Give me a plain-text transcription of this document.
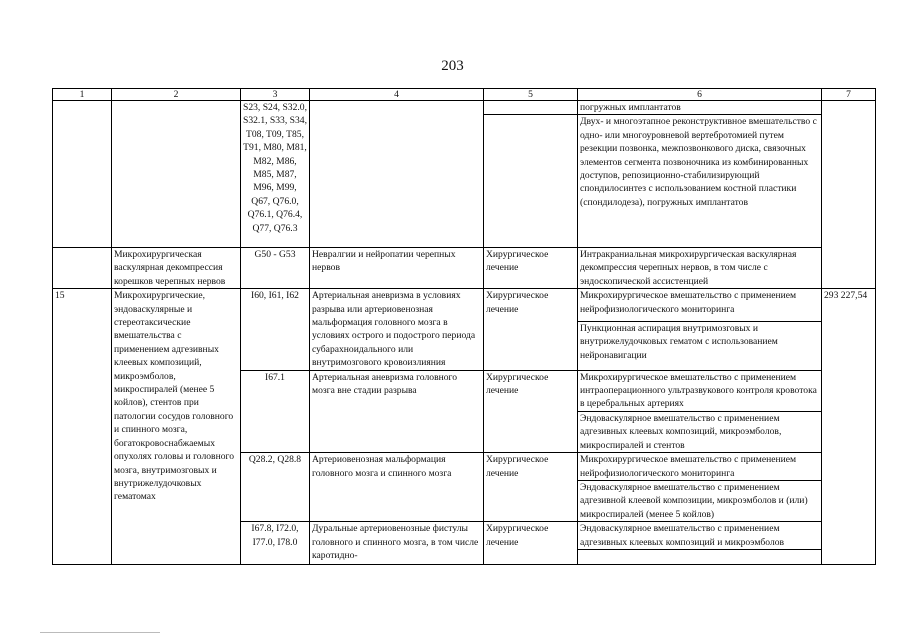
203
1	2	3	4	5	6	7
		S23, S24, S32.0, S32.1, S33, S34, T08, T09, T85, T91, M80, M81, M82, M86, M85, M87, M96, M99, Q67, Q76.0, Q76.1, Q76.4, Q77, Q76.3			погружных имплантатов	
					Двух- и многоэтапное реконструктивное вмешательство с одно- или многоуровневой вертебротомией путем резекции позвонка, межпозвонкового диска, связочных элементов сегмента позвоночника из комбинированных доступов, репозиционно-стабилизирующий спондилосинтез с использованием костной пластики (спондилодеза), погружных имплантатов	
	Микрохирургическая васкулярная декомпрессия корешков черепных нервов	G50 - G53	Невралгии и нейропатии черепных нервов	Хирургическое лечение	Интракраниальная микрохирургическая васкулярная декомпрессия черепных нервов, в том числе с эндоскопической ассистенцией	
15	Микрохирургические, эндоваскулярные и стереотаксические вмешательства с применением адгезивных клеевых композиций, микроэмболов, микроспиралей (менее 5 койлов), стентов при патологии сосудов головного и спинного мозга, богатокровоснабжаемых опухолях головы и головного мозга, внутримозговых и внутрижелудочковых гематомах	I60, I61, I62	Артериальная аневризма в условиях разрыва или артериовенозная мальформация головного мозга в условиях острого и подострого периода субарахноидального или внутримозгового кровоизлияния	Хирургическое лечение	Микрохирургическое вмешательство с применением нейрофизиологического мониторинга	293 227,54
					Пункционная аспирация внутримозговых и внутрижелудочковых гематом с использованием нейронавигации	
		I67.1	Артериальная аневризма головного мозга вне стадии разрыва	Хирургическое лечение	Микрохирургическое вмешательство с применением интраоперационного ультразвукового контроля кровотока в церебральных артериях	
					Эндоваскулярное вмешательство с применением адгезивных клеевых композиций, микроэмболов, микроспиралей и стентов	
		Q28.2, Q28.8	Артериовенозная мальформация головного мозга и спинного мозга	Хирургическое лечение	Микрохирургическое вмешательство с применением нейрофизиологического мониторинга	
					Эндоваскулярное вмешательство с применением адгезивной клеевой композиции, микроэмболов и (или) микроспиралей (менее 5 койлов)	
		I67.8, I72.0, I77.0, I78.0	Дуральные артериовенозные фистулы головного и спинного мозга, в том числе каротидно-	Хирургическое лечение	Эндоваскулярное вмешательство с применением адгезивных клеевых композиций и микроэмболов	
